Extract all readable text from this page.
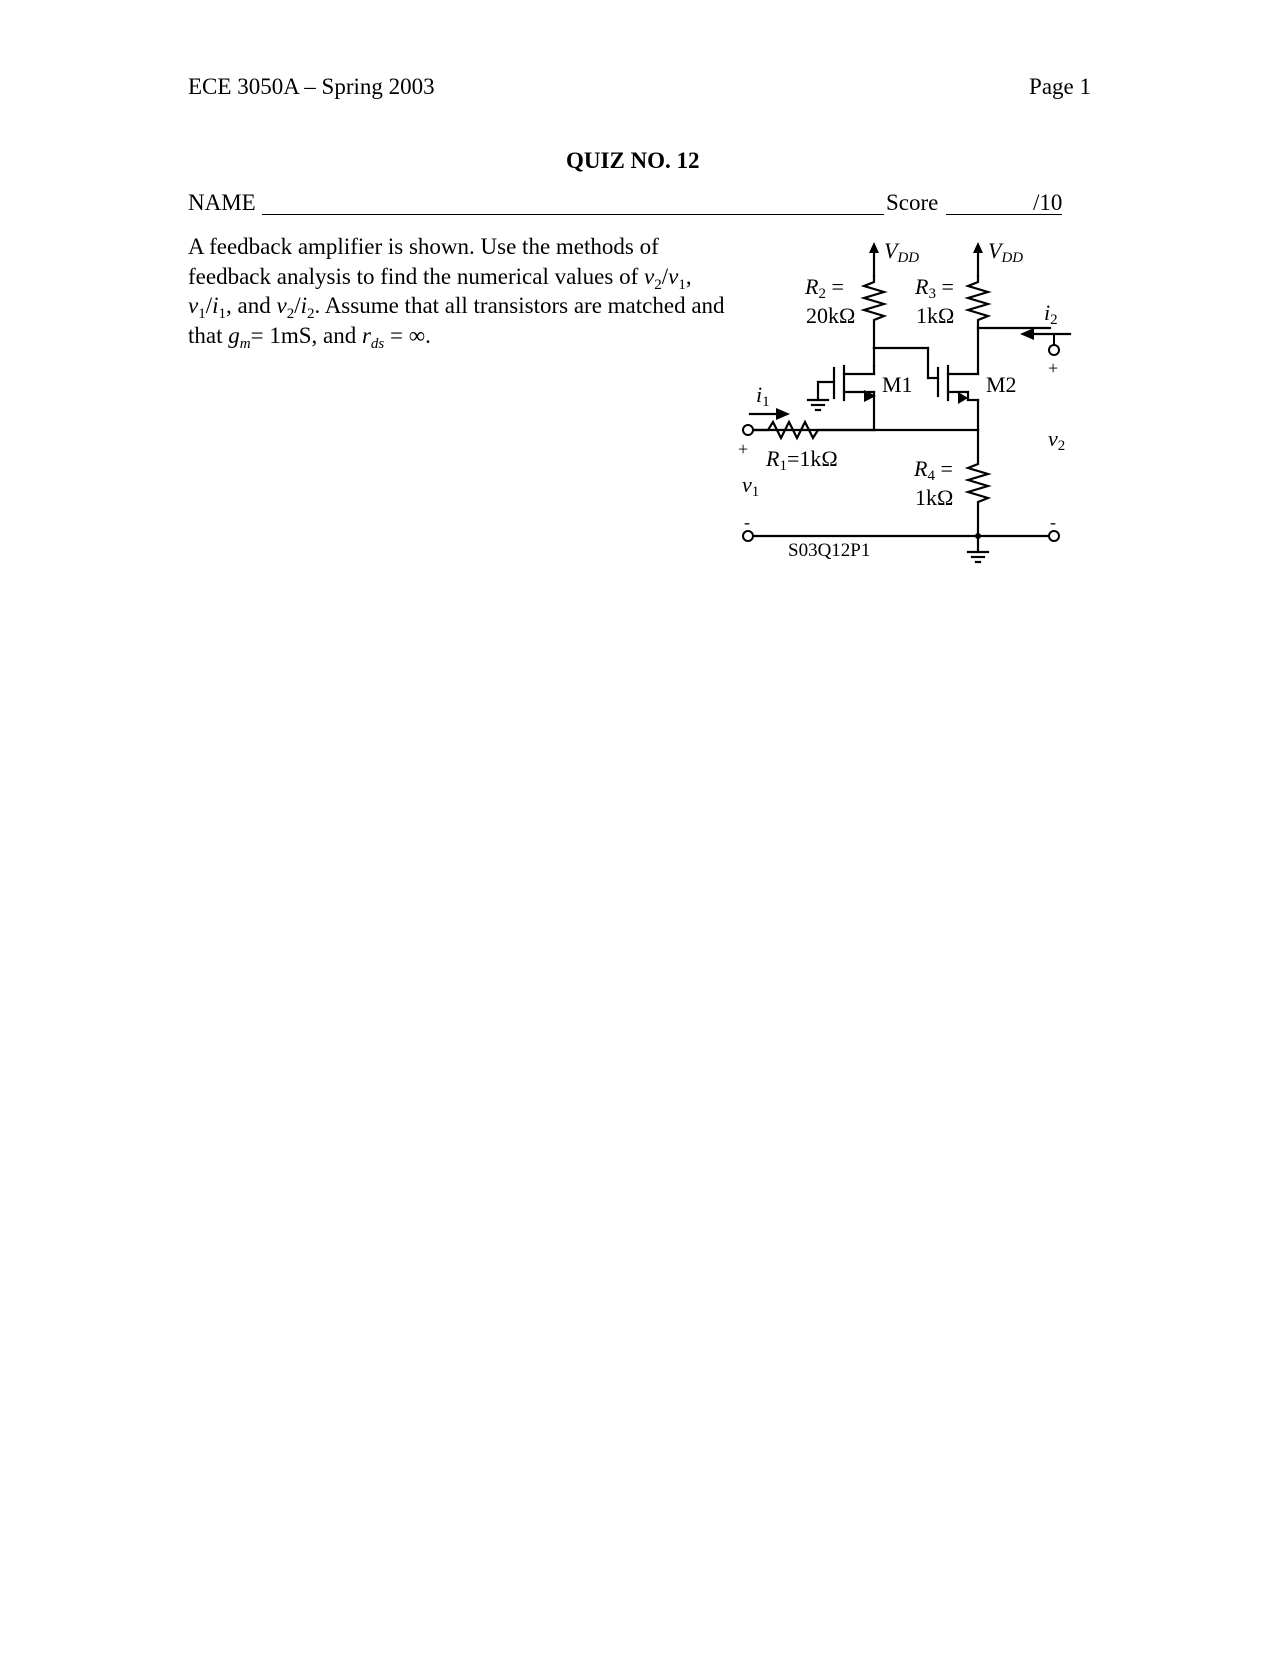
ECE 3050A – Spring 2003	Page 1
QUIZ NO. 12
NAME	Score	/10
A feedback amplifier is shown. Use the methods of feedback analysis to find the numerical values of $v_2/v_1$, $v_1/i_1$, and $v_2/i_2$. Assume that all transistors are matched and that $g_m= 1mS$, and $r_{ds}$ = ∞.
VDD	VDD
R2 =
20kΩ
R3 =
1kΩ
M1	M2
i1
i2
+
v1
-
R1=1kΩ	R4 =
1kΩ
+
v2
-
S03Q12P1
